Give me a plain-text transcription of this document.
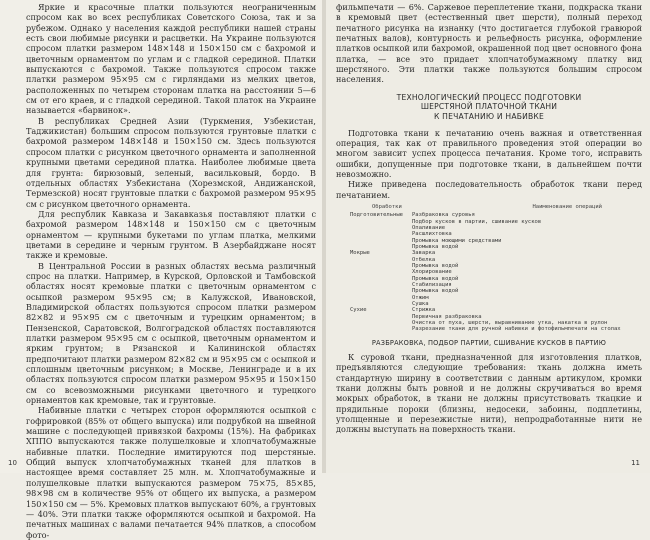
Яркие и красочные платки пользуются неограниченным спросом как во всех республиках Советского Союза, так и за рубежом. Однако у населения каждой республики нашей страны есть свои любимые рисунки и расцветки. На Украине пользуются спросом платки размером 148×148 и 150×150 см с бахромой и цветочным орнаментом по углам и с гладкой серединой. Платки выпускаются с бахромой. Также пользуются спросом также платки размером 95×95 см с гирляндами из мелких цветов, расположенных по четырем сторонам платка на расстоянии 5—6 см от его краев, и с гладкой серединой. Такой платок на Украине называется «барвинок».

В республиках Средней Азии (Туркмения, Узбекистан, Таджикистан) большим спросом пользуются грунтовые платки с бахромой размером 148×148 и 150×150 см. Здесь пользуются спросом платки с рисунком цветочного орнамента и заполненной крупными цветами серединой платка. Наиболее любимые цвета для грунта: бирюзовый, зеленый, васильковый, бордо. В отдельных областях Узбекистана (Хорезмской, Андижанской, Термезской) носят грунтовые платки с бахромой размером 95×95 см с рисунком цветочного орнамента.

Для республик Кавказа и Закавказья поставляют платки с бахромой размером 148×148 и 150×150 см с цветочным орнаментом — крупными букетами по углам платка, мелкими цветами в середине и черным грунтом. В Азербайджане носят также и кремовые.

В Центральной России в разных областях весьма различный спрос на платки. Например, в Курской, Орловской и Тамбовской областях носят кремовые платки с цветочным орнаментом с осыпкой размером 95×95 см; в Калужской, Ивановской, Владимирской областях пользуются спросом платки размером 82×82 и 95×95 см с цветочным и турецким орнаментом; в Пензенской, Саратовской, Волгоградской областях поставляются платки размером 95×95 см с осыпкой, цветочным орнаментом и ярким грунтом; в Рязанской и Калининской областях предпочитают платки размером 82×82 см и 95×95 см с осыпкой и сплошным цветочным рисунком; в Москве, Ленинграде и в их областях пользуются спросом платки размером 95×95 и 150×150 см со всевозможными рисунками цветочного и турецкого орнаментов как кремовые, так и грунтовые.

Набивные платки с четырех сторон оформляются осыпкой с гофрировкой (85% от общего выпуска) или подрубкой на швейной машине с последующей привязкой бахромы (15%). На фабриках ХППО выпускаются также полушелковые и хлопчатобумажные набивные платки. Последние имитируются под шерстяные. Общий выпуск хлопчатобумажных тканей для платков в настоящее время составляет 25 млн. м. Хлопчатобумажные и полушелковые платки выпускаются размером 75×75, 85×85, 98×98 см в количестве 95% от общего их выпуска, а размером 150×150 см — 5%. Кремовых платков выпускают 60%, а грунтовых — 40%. Эти платки также оформляются осыпкой и бахромой. На печатных машинах с валами печатается 94% платков, а способом фото-

10

фильмпечати — 6%. Саржевое переплетение ткани, подкраска ткани в кремовый цвет (естественный цвет шерсти), полный переход печатного рисунка на изнанку (что достигается глубокой гравюрой печатных валов), контурность и рельефность рисунка, оформление платков осыпкой или бахромой, окрашенной под цвет основного фона платка, — все это придает хлопчатобумажному платку вид шерстяного. Эти платки также пользуются большим спросом населения.

ТЕХНОЛОГИЧЕСКИЙ ПРОЦЕСС ПОДГОТОВКИ
ШЕРСТЯНОЙ ПЛАТОЧНОЙ ТКАНИ
К ПЕЧАТАНИЮ И НАБИВКЕ

Подготовка ткани к печатанию очень важная и ответственная операция, так как от правильного проведения этой операции во многом зависит успех процесса печатания. Кроме того, исправить ошибки, допущенные при подготовке ткани, в дальнейшем почти невозможно.

Ниже приведена последовательность обработок ткани перед печатанием.

Обработки	Наименование операций
Подготовительные	Разбраковка суровья
Подбор кусков в партии, сшивание кусков
Опаливание
Расшлихтовка
Промывка моющими средствами
Промывка водой
Мокрые	Заварка
Отбелка
Промывка водой
Хлорирование
Промывка водой
Стабилизация
Промывка водой
Отжим
Сушка
Сухие	Стрижка
Первичная разбраковка
Очистка от пуха, шерсти, выравнивание утка, накатка в рулон
Разрезание ткани для ручной набивки и фотофильмпечати на столах
РАЗБРАКОВКА, ПОДБОР ПАРТИИ, СШИВАНИЕ КУСКОВ В ПАРТИЮ

К суровой ткани, предназначенной для изготовления платков, предъявляются следующие требования: ткань должна иметь стандартную ширину в соответствии с данным артикулом, кромки ткани должны быть ровной и не должны скручиваться во время мокрых обработок, в ткани не должны присутствовать ткацкие и прядильные пороки (близны, недосеки, забоины, подплетины, утолщенные и перезежистые нити), непродработанные нити не должны выступать на поверхность ткани.

11
